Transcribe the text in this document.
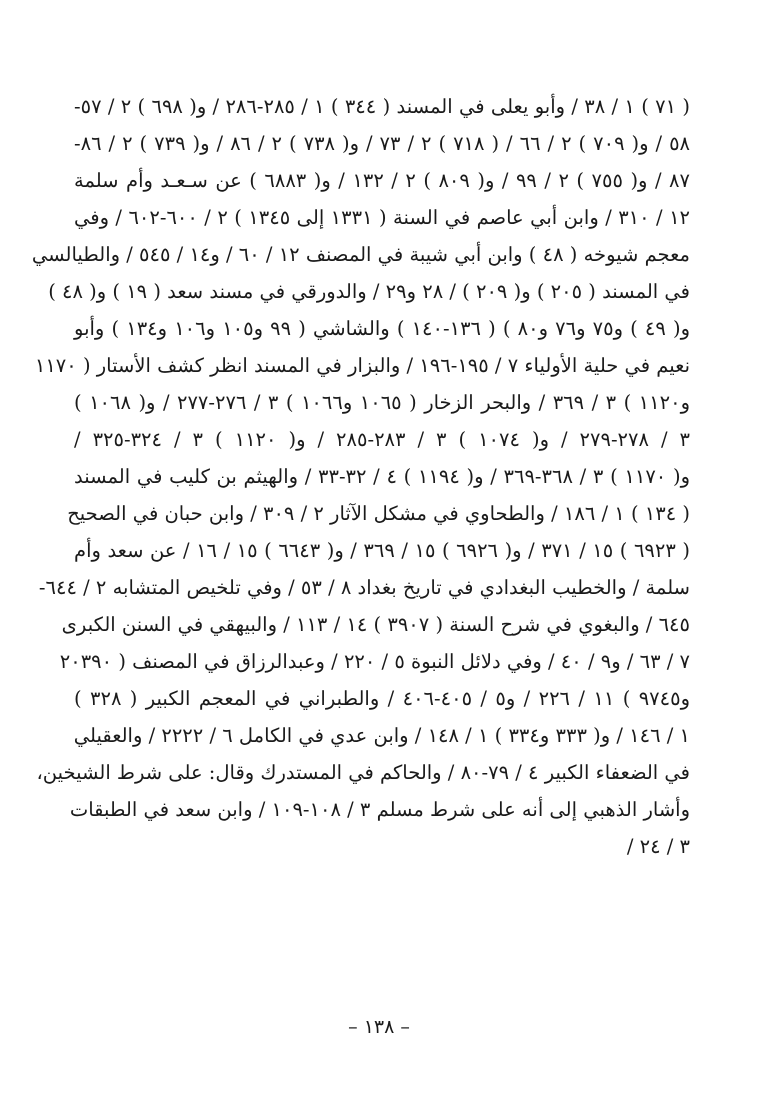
( ٧١ ) ١ / ٣٨ / وأبو يعلى في المسند ( ٣٤٤ ) ١ / ٢٨٥-٢٨٦ / و( ٦٩٨ ) ٢ / ٥٧-
٥٨ / و( ٧٠٩ ) ٢ / ٦٦ / ( ٧١٨ ) ٢ / ٧٣ / و( ٧٣٨ ) ٢ / ٨٦ / و( ٧٣٩ ) ٢ / ٨٦-
٨٧ / و( ٧٥٥ ) ٢ / ٩٩ / و( ٨٠٩ ) ٢ / ١٣٢ / و( ٦٨٨٣ ) عن سـعـد وأم سلمة
١٢ / ٣١٠ / وابن أبي عاصم في السنة ( ١٣٣١ إلى ١٣٤٥ ) ٢ / ٦٠٠-٦٠٢ / وفي
معجم شيوخه ( ٤٨ ) وابن أبي شيبة في المصنف ١٢ / ٦٠ / و١٤ / ٥٤٥ / والطيالسي
في المسند ( ٢٠٥ ) و( ٢٠٩ ) / ٢٨ و٢٩ / والدورقي في مسند سعد ( ١٩ ) و( ٤٨ )
و( ٤٩ ) و٧٥ و٧٦ و٨٠ ) ( ١٣٦-١٤٠ ) والشاشي ( ٩٩ و١٠٥ و١٠٦ و١٣٤ ) وأبو
نعيم في حلية الأولياء ٧ / ١٩٥-١٩٦ / والبزار في المسند انظر كشف الأستار ( ١١٧٠
و١١٢٠ ) ٣ / ٣٦٩ / والبحر الزخار ( ١٠٦٥ و١٠٦٦ ) ٣ / ٢٧٦-٢٧٧ / و( ١٠٦٨ )
٣ / ٢٧٨-٢٧٩ / و( ١٠٧٤ ) ٣ / ٢٨٣-٢٨٥ / و( ١١٢٠ ) ٣ / ٣٢٤-٣٢٥ /
و( ١١٧٠ ) ٣ / ٣٦٨-٣٦٩ / و( ١١٩٤ ) ٤ / ٣٢-٣٣ / والهيثم بن كليب في المسند
( ١٣٤ ) ١ / ١٨٦ / والطحاوي في مشكل الآثار ٢ / ٣٠٩ / وابن حبان في الصحيح
( ٦٩٢٣ ) ١٥ / ٣٧١ / و( ٦٩٢٦ ) ١٥ / ٣٦٩ / و( ٦٦٤٣ ) ١٥ / ١٦ / عن سعد وأم
سلمة / والخطيب البغدادي في تاريخ بغداد ٨ / ٥٣ / وفي تلخيص المتشابه ٢ / ٦٤٤-
٦٤٥ / والبغوي في شرح السنة ( ٣٩٠٧ ) ١٤ / ١١٣ / والبيهقي في السنن الكبرى
٧ / ٦٣ / و٩ / ٤٠ / وفي دلائل النبوة ٥ / ٢٢٠ / وعبدالرزاق في المصنف ( ٢٠٣٩٠
و٩٧٤٥ ) ١١ / ٢٢٦ / و٥ / ٤٠٥-٤٠٦ / والطبراني في المعجم الكبير ( ٣٢٨ )
١ / ١٤٦ / و( ٣٣٣ و٣٣٤ ) ١ / ١٤٨ / وابن عدي في الكامل ٦ / ٢٢٢٢ / والعقيلي
في الضعفاء الكبير ٤ / ٧٩-٨٠ / والحاكم في المستدرك وقال: على شرط الشيخين،
وأشار الذهبي إلى أنه على شرط مسلم ٣ / ١٠٨-١٠٩ / وابن سعد في الطبقات
٣ / ٢٤ /
– ١٣٨ –
